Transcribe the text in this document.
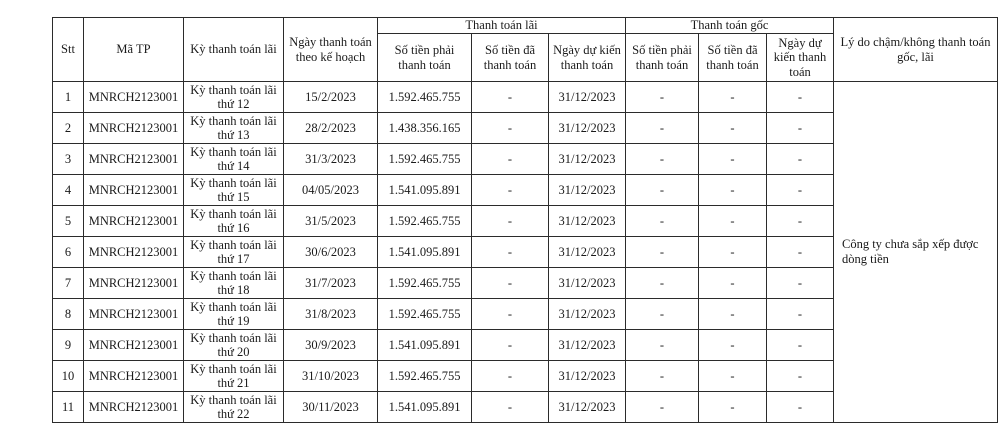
Stt	Mã TP	Kỳ thanh toán lãi	Ngày thanh toán theo kế hoạch	Thanh toán lãi			Thanh toán gốc			Lý do chậm/không thanh toán gốc, lãi
				Số tiền phải thanh toán	Số tiền đã thanh toán	Ngày dự kiến thanh toán	Số tiền phải thanh toán	Số tiền đã thanh toán	Ngày dự kiến thanh toán	
1	MNRCH2123001	Kỳ thanh toán lãi thứ 12	15/2/2023	1.592.465.755	-	31/12/2023	-	-	-	Công ty chưa sắp xếp được dòng tiền
2	MNRCH2123001	Kỳ thanh toán lãi thứ 13	28/2/2023	1.438.356.165	-	31/12/2023	-	-	-	
3	MNRCH2123001	Kỳ thanh toán lãi thứ 14	31/3/2023	1.592.465.755	-	31/12/2023	-	-	-	
4	MNRCH2123001	Kỳ thanh toán lãi thứ 15	04/05/2023	1.541.095.891	-	31/12/2023	-	-	-	
5	MNRCH2123001	Kỳ thanh toán lãi thứ 16	31/5/2023	1.592.465.755	-	31/12/2023	-	-	-	
6	MNRCH2123001	Kỳ thanh toán lãi thứ 17	30/6/2023	1.541.095.891	-	31/12/2023	-	-	-	
7	MNRCH2123001	Kỳ thanh toán lãi thứ 18	31/7/2023	1.592.465.755	-	31/12/2023	-	-	-	
8	MNRCH2123001	Kỳ thanh toán lãi thứ 19	31/8/2023	1.592.465.755	-	31/12/2023	-	-	-	
9	MNRCH2123001	Kỳ thanh toán lãi thứ 20	30/9/2023	1.541.095.891	-	31/12/2023	-	-	-	
10	MNRCH2123001	Kỳ thanh toán lãi thứ 21	31/10/2023	1.592.465.755	-	31/12/2023	-	-	-	
11	MNRCH2123001	Kỳ thanh toán lãi thứ 22	30/11/2023	1.541.095.891	-	31/12/2023	-	-	-	
